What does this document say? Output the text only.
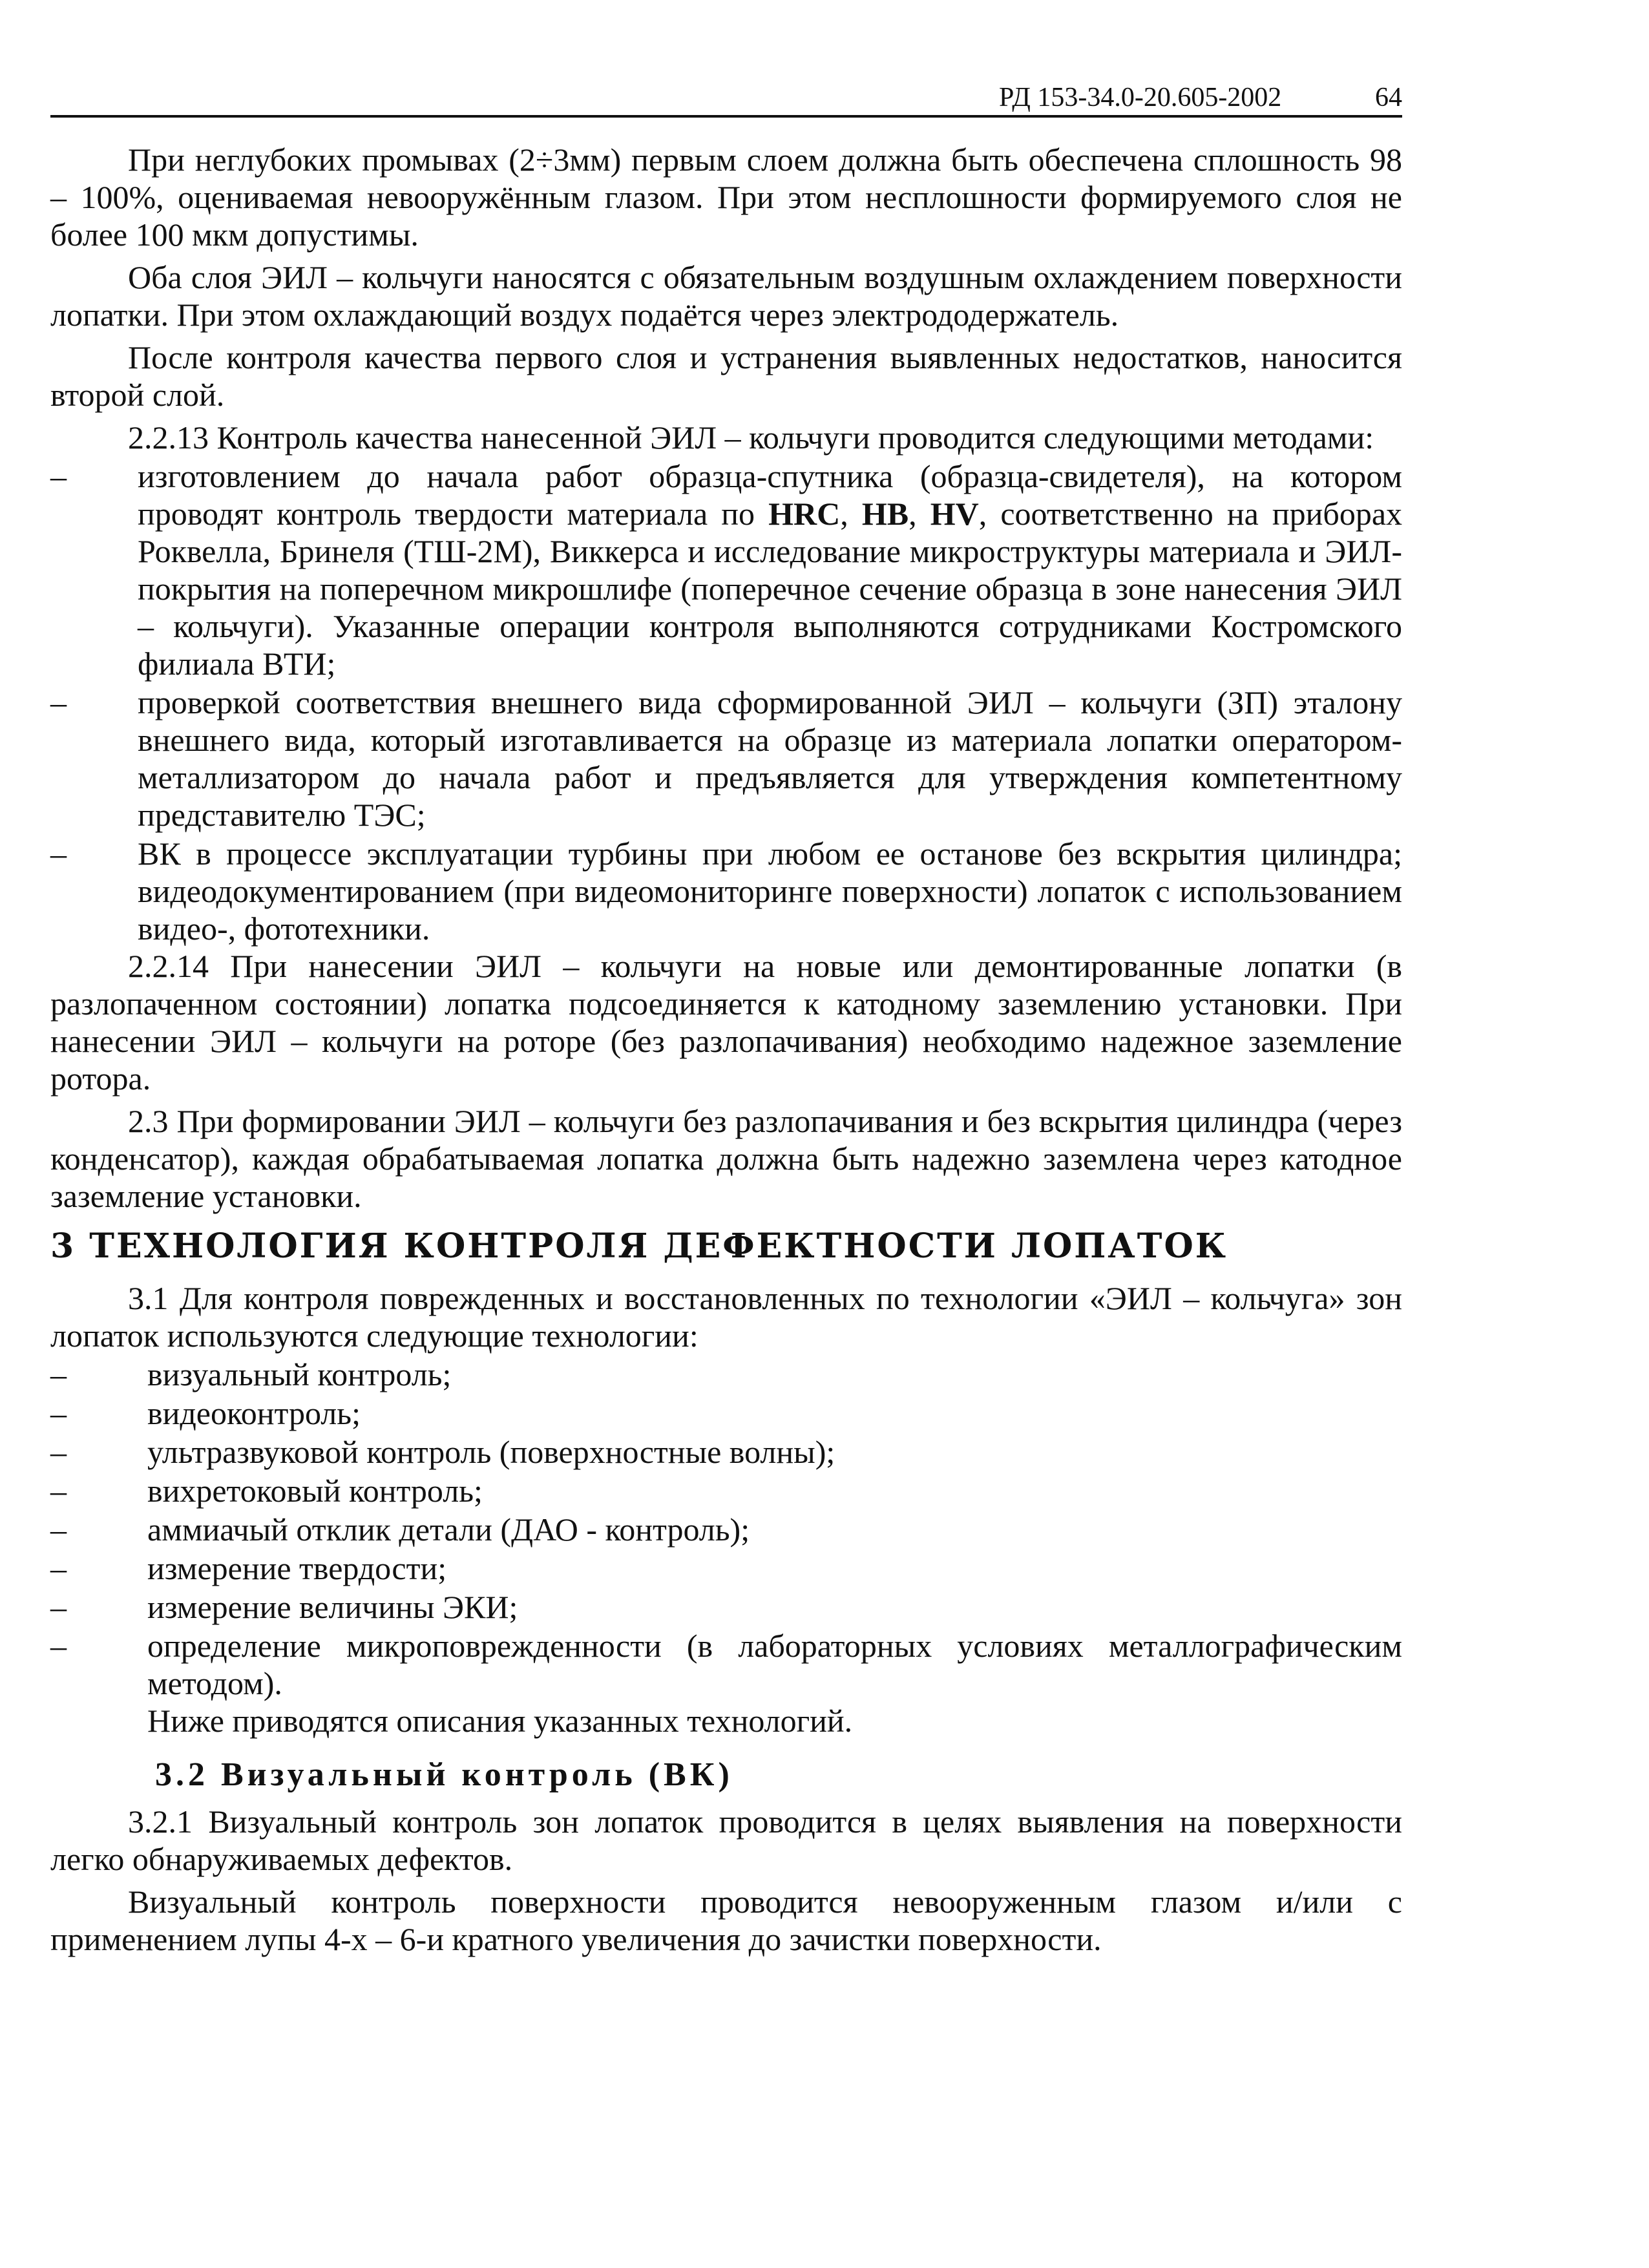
РД 153-34.0-20.605-2002	64

При неглубоких промывах (2÷3мм) первым слоем должна быть обеспечена сплошность 98 – 100%, оцениваемая невооружённым глазом. При этом несплошности формируемого слоя не более 100 мкм допустимы.

Оба слоя ЭИЛ – кольчуги наносятся с обязательным воздушным охлаждением поверхности лопатки. При этом охлаждающий воздух подаётся через электрододержатель.

После контроля качества первого слоя и устранения выявленных недостатков, наносится второй слой.

2.2.13 Контроль качества нанесенной ЭИЛ – кольчуги проводится следующими методами:

–	изготовлением до начала работ образца-спутника (образца-свидетеля), на котором проводят контроль твердости материала по HRC, HB, HV, соответственно на приборах Роквелла, Бринеля (ТШ-2М), Виккерса и исследование микроструктуры материала и ЭИЛ-покрытия на поперечном микрошлифе (поперечное сечение образца в зоне нанесения ЭИЛ – кольчуги). Указанные операции контроля выполняются сотрудниками Костромского филиала ВТИ;
–	проверкой соответствия внешнего вида сформированной ЭИЛ – кольчуги (ЗП) эталону внешнего вида, который изготавливается на образце из материала лопатки оператором-металлизатором до начала работ и предъявляется для утверждения компетентному представителю ТЭС;
–	ВК в процессе эксплуатации турбины при любом ее останове без вскрытия цилиндра; видеодокументированием (при видеомониторинге поверхности) лопаток с использованием видео-, фототехники.

2.2.14 При нанесении ЭИЛ – кольчуги на новые или демонтированные лопатки (в разлопаченном состоянии) лопатка подсоединяется к катодному заземлению установки. При нанесении ЭИЛ – кольчуги на роторе (без разлопачивания) необходимо надежное заземление ротора.

2.3 При формировании ЭИЛ – кольчуги без разлопачивания и без вскрытия цилиндра (через конденсатор), каждая обрабатываемая лопатка должна быть надежно заземлена через катодное заземление установки.

3 ТЕХНОЛОГИЯ КОНТРОЛЯ ДЕФЕКТНОСТИ ЛОПАТОК

3.1 Для контроля поврежденных и восстановленных по технологии «ЭИЛ – кольчуга» зон лопаток используются следующие технологии:

–	визуальный контроль;
–	видеоконтроль;
–	ультразвуковой контроль (поверхностные волны);
–	вихретоковый контроль;
–	аммиачый отклик детали (ДАО - контроль);
–	измерение твердости;
–	измерение величины ЭКИ;
–	определение микроповрежденности (в лабораторных условиях металлографическим методом).

Ниже приводятся описания указанных технологий.

3.2 Визуальный контроль (ВК)

3.2.1 Визуальный контроль зон лопаток проводится в целях выявления на поверхности легко обнаруживаемых дефектов.

Визуальный контроль поверхности проводится невооруженным глазом и/или с применением лупы 4-х – 6-и кратного увеличения до зачистки поверхности.
